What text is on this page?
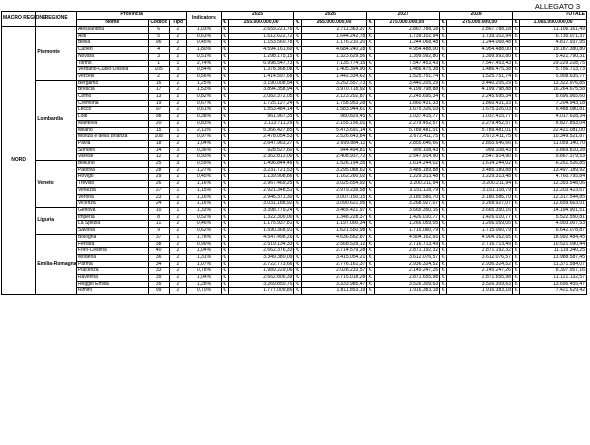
ALLEGATO 3
MACRO REGIONE	REGIONE	Provincia			Indicators	2025		2026		2027		2028		TOTALE	
		Nome	Codice	Tipo		€	255.000.000,00	€	265.000.000,00	€	275.000.000,00	€	275.000.000,00	€	1.065.000.000,00
NORD	Piemonte	Alessandria	6	2	1,03%	€	2.659.221,76	€	2.711.363,37	€	2.867.788,18	€	2.867.788,18	€	11.106.161,49
		Asti	5	2	0,63%	€	1.612.622,72	€	1.644.242,78	€	1.739.102,94	€	1.739.102,94	€	6.735.071,37
		Biella	96	2	0,45%	€	1.153.560,78	€	1.176.210,20	€	1.244.068,48	€	1.244.068,48	€	4.817.937,95
		Cuneo	4	2	1,80%	€	4.594.161,60	€	4.684.240,28	€	4.954.488,00	€	4.954.488,00	€	19.187.380,80
		Novara	3	2	0,51%	€	1.298.175,15	€	1.323.629,56	€	1.399.992,80	€	1.399.992,80	€	5.421.790,31
		Torino	1	1	2,74%	€	6.998.547,73	€	7.135.774,15	€	7.547.453,43	€	7.547.453,43	€	29.229.228,75
		Verbano-Cusio-Ossola	105	3	0,54%	€	1.378.368,08	€	1.405.394,90	€	1.486.475,38	€	1.486.475,38	€	5.756.713,73
		Vercelli	2	2	0,56%	€	1.414.597,68	€	1.442.334,62	€	1.525.751,74	€	1.525.751,74	€	5.908.635,77
	Lombardia	Bergamo	16	2	1,25%	€	3.190.008,54	€	3.252.557,73	€	3.440.205,29	€	3.440.205,29	€	13.322.976,85
		Brescia	17	2	1,53%	€	3.894.358,94	€	3.970.718,92	€	4.199.798,88	€	4.199.798,88	€	16.264.675,58
		Como	13	2	0,82%	€	2.082.372,05	€	2.123.202,87	€	2.245.695,34	€	2.245.695,34	€	8.696.965,60
		Cremona	19	2	0,67%	€	1.725.127,24	€	1.758.953,28	€	1.860.431,33	€	1.860.431,33	€	7.204.943,18
		Lecco	97	2	0,61%	€	1.553.484,14	€	1.583.944,61	€	1.675.326,03	€	1.675.326,03	€	6.488.080,81
		Lodi	98	2	0,38%	€	961.967,35	€	980.829,45	€	1.037.415,77	€	1.037.415,77	€	4.017.628,34
		Mantova	20	2	0,83%	€	2.113.711,29	€	2.155.156,01	€	2.279.452,57	€	2.279.452,57	€	8.827.853,04
		Milano	15	1	2,11%	€	5.366.427,85	€	5.473.691,14	€	5.789.481,01	€	5.789.481,01	€	22.421.081,00
		Monza e della Brianza	108	2	0,97%	€	2.478.054,53	€	2.526.643,84	€	2.672.411,75	€	2.672.411,75	€	10.349.521,87
		Pavia	18	2	1,04%	€	2.647.963,27	€	2.699.884,11	€	2.855.646,66	€	2.855.646,66	€	11.059.140,70
		Sondrio	14	3	0,36%	€	928.527,60	€	944.494,81	€	999.108,43	€	999.108,43	€	3.869.810,28
		Varese	12	2	0,93%	€	2.362.812,00	€	2.408.937,72	€	2.547.914,90	€	2.547.914,90	€	9.867.379,53
	Veneto	Belluno	25	3	0,59%	€	1.496.844,46	€	1.526.194,35	€	1.614.244,02	€	1.614.244,02	€	6.251.526,85
		Padova	28	2	1,27%	€	3.231.721,53	€	3.295.088,62	€	3.485.189,88	€	3.485.189,88	€	13.497.189,92
		Rovigo	29	2	0,45%	€	1.139.908,86	€	1.162.260,02	€	1.229.313,48	€	1.229.313,48	€	4.760.795,84
		Treviso	26	2	1,16%	€	2.967.469,25	€	3.025.654,92	€	3.200.211,94	€	3.200.211,94	€	12.393.548,06
		Venezia	27	1	1,15%	€	2.921.348,51	€	2.979.239,58	€	3.151.118,79	€	3.151.118,79	€	12.203.423,67
		Verona	23	2	1,16%	€	2.946.371,30	€	3.007.150,15	€	3.180.586,70	€	3.180.586,70	€	12.317.544,85
		Vicenza	24	2	1,16%	€	3.031.188,92	€	3.090.621,95	€	3.268.927,07	€	3.268.927,07	€	12.659.663,01
	Liguria	Genova	10	1	1,33%	€	3.398.779,24	€	3.465.421,97	€	3.665.350,16	€	3.665.350,16	€	14.194.901,51
		Imperia	8	2	0,52%	€	1.322.300,00	€	1.348.228,37	€	1.426.010,77	€	1.426.010,77	€	5.522.550,81
		La Spezia	11	2	0,46%	€	1.175.937,81	€	1.197.000,34	€	1.266.059,05	€	1.266.059,05	€	4.903.007,53
		Savona	9	2	0,62%	€	1.590.368,91	€	1.621.550,98	€	1.715.060,79	€	1.715.060,79	€	6.642.078,87
	Emilia-Romagna	Bologna	37	1	1,78%	€	4.547.498,26	€	4.636.662,87	€	4.904.162,65	€	4.904.162,65	€	18.992.484,45
		Ferrara	38	2	0,99%	€	2.519.134,33	€	2.568.529,12	€	2.716.713,49	€	2.716.713,49	€	10.521.090,44
		Forlì-Cesena	40	2	1,04%	€	2.662.376,33	€	2.714.579,28	€	2.871.192,32	€	2.871.192,32	€	11.119.340,25
		Modena	36	2	1,31%	€	3.349.380,09	€	3.415.054,21	€	3.612.076,57	€	3.612.076,57	€	13.988.587,45
		Parma	34	2	1,07%	€	2.722.773,66	€	2.776.161,37	€	2.936.324,52	€	2.936.324,52	€	11.371.584,07
		Piacenza	33	2	0,78%	€	1.989.229,06	€	2.028.233,57	€	2.145.247,26	€	2.145.247,26	€	8.307.957,16
		Ravenna	39	2	1,04%	€	2.662.806,39	€	2.715.018,28	€	2.871.655,98	€	2.871.655,98	€	11.121.132,57
		Reggio Emilia	35	2	1,28%	€	3.269.850,75	€	3.333.985,47	€	3.526.309,63	€	3.526.309,63	€	13.656.455,47
		Rimini	99	2	0,70%	€	1.777.009,86	€	1.811.853,19	€	1.916.383,18	€	1.916.383,18	€	7.421.629,42
